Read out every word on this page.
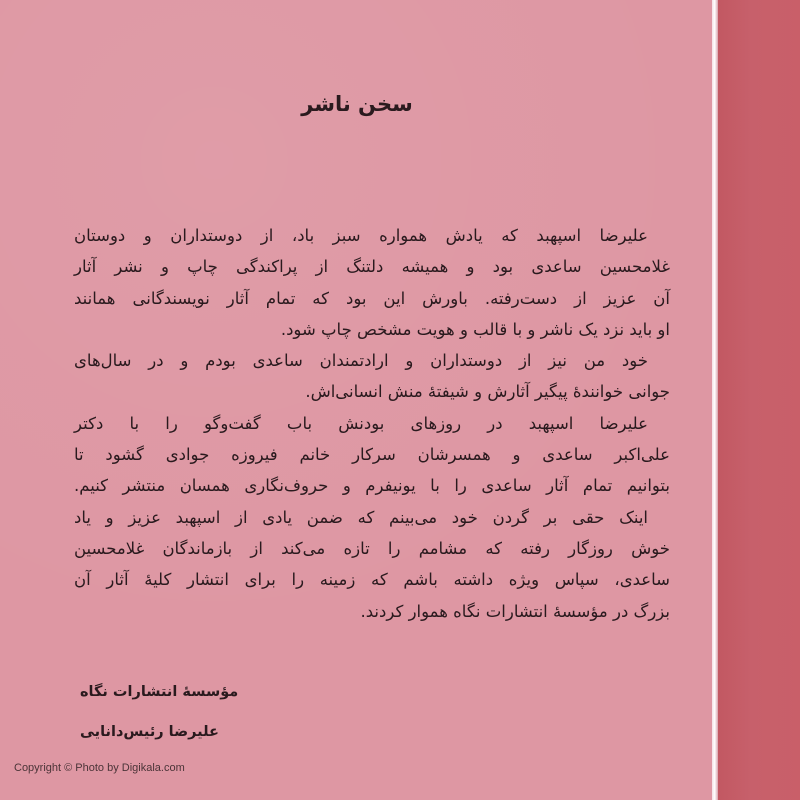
سخن ناشر
علیرضا اسپهبد که یادش همواره سبز باد، از دوستداران و دوستان
غلامحسین ساعدی بود و همیشه دلتنگ از پراکندگی چاپ و نشر آثار
آن عزیز از دست‌رفته. باورش این بود که تمام آثار نویسندگانی همانند
او باید نزد یک ناشر و با قالب و هویت مشخص چاپ شود.
خود من نیز از دوستداران و ارادتمندان ساعدی بودم و در سال‌های
جوانی خوانندهٔ پیگیر آثارش و شیفتهٔ منش انسانی‌اش.
علیرضا اسپهبد در روزهای بودنش باب گفت‌وگو را با دکتر
علی‌اکبر ساعدی و همسرشان سرکار خانم فیروزه جوادی گشود تا
بتوانیم تمام آثار ساعدی را با یونیفرم و حروف‌نگاری همسان منتشر کنیم.
اینک حقی بر گردن خود می‌بینم که ضمن یادی از اسپهبد عزیز و یاد
خوش روزگار رفته که مشامم را تازه می‌کند از بازماندگان غلامحسین
ساعدی، سپاس ویژه داشته باشم که زمینه را برای انتشار کلیهٔ آثار آن
بزرگ در مؤسسهٔ انتشارات نگاه هموار کردند.
مؤسسهٔ انتشارات نگاه
علیرضا رئیس‌دانایی
Copyright © Photo by Digikala.com
